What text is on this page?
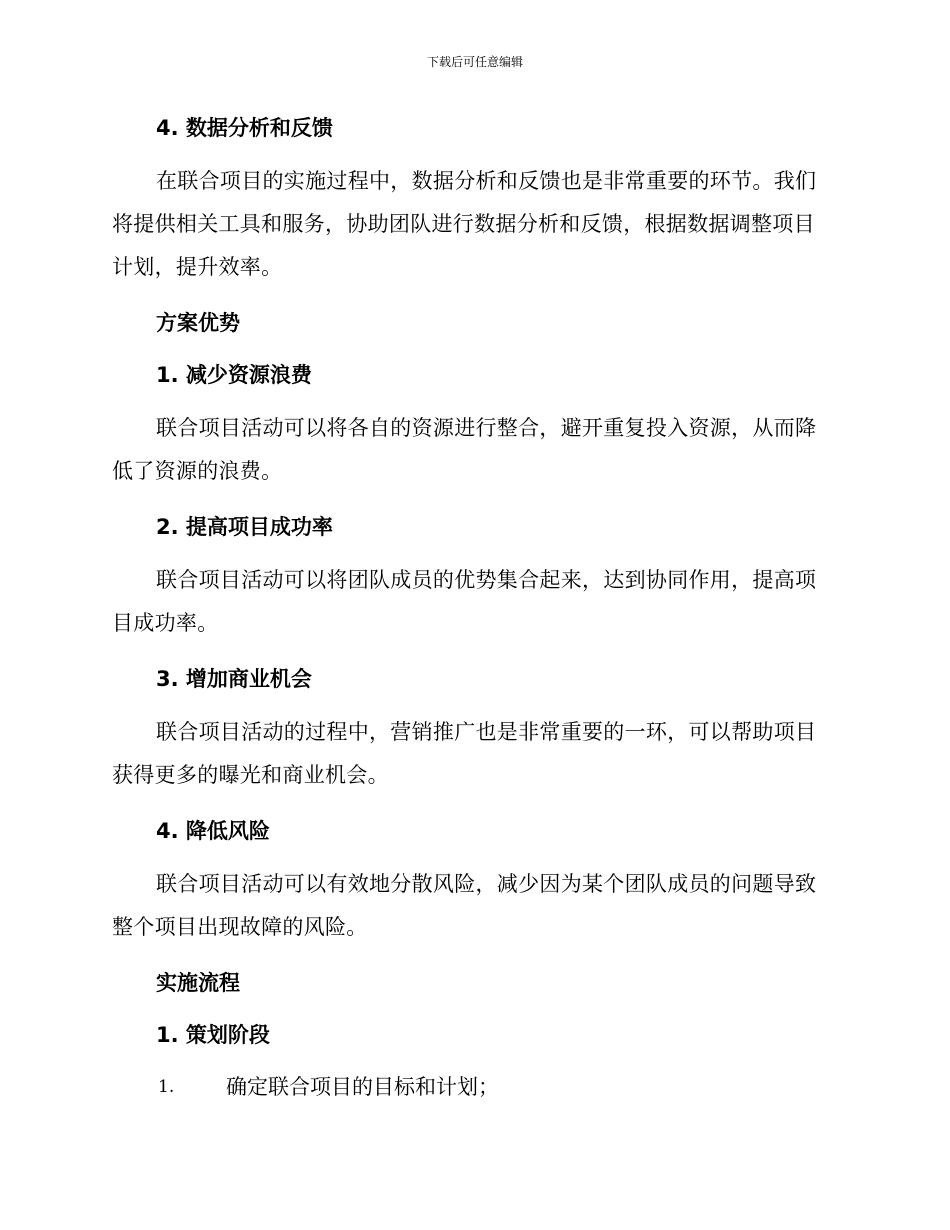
下载后可任意编辑

4. 数据分析和反馈

在联合项目的实施过程中，数据分析和反馈也是非常重要的环节。我们将提供相关工具和服务，协助团队进行数据分析和反馈，根据数据调整项目计划，提升效率。

方案优势

1. 减少资源浪费

联合项目活动可以将各自的资源进行整合，避开重复投入资源，从而降低了资源的浪费。

2. 提高项目成功率

联合项目活动可以将团队成员的优势集合起来，达到协同作用，提高项目成功率。

3. 增加商业机会

联合项目活动的过程中，营销推广也是非常重要的一环，可以帮助项目获得更多的曝光和商业机会。

4. 降低风险

联合项目活动可以有效地分散风险，减少因为某个团队成员的问题导致整个项目出现故障的风险。

实施流程

1. 策划阶段

1.	确定联合项目的目标和计划；
